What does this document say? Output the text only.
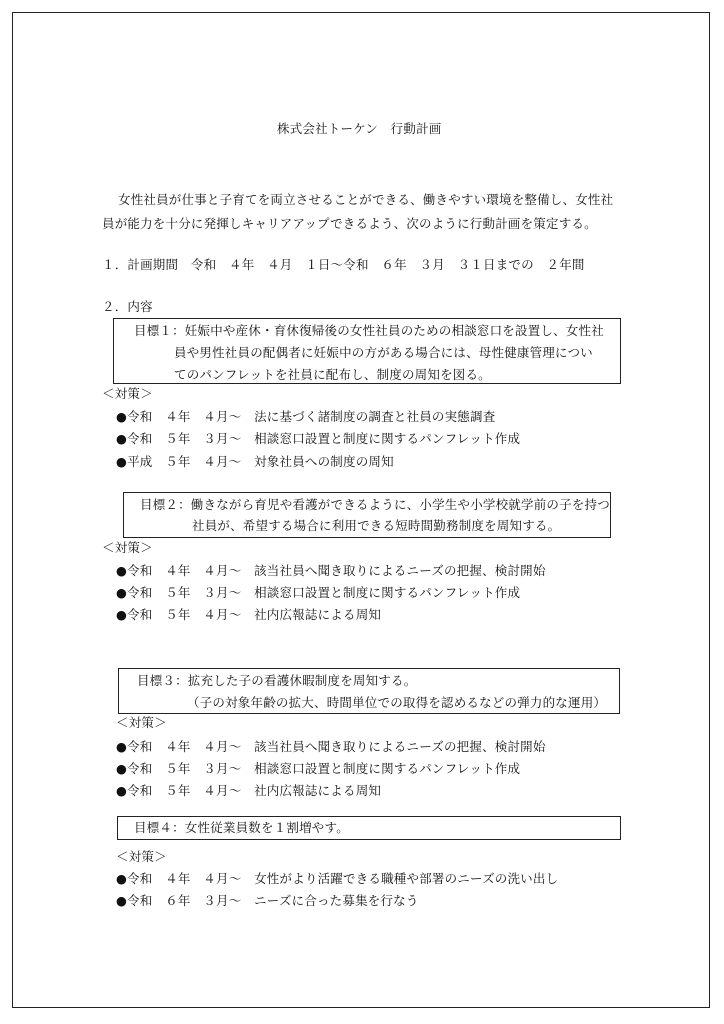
株式会社トーケン　行動計画
女性社員が仕事と子育てを両立させることができる、働きやすい環境を整備し、女性社
員が能力を十分に発揮しキャリアアップできるよう、次のように行動計画を策定する。
１．計画期間　令和　４年　４月　１日～令和　６年　３月　３１日までの　２年間
２．内容
目標１：妊娠中や産休・育休復帰後の女性社員のための相談窓口を設置し、女性社
員や男性社員の配偶者に妊娠中の方がある場合には、母性健康管理につい
てのパンフレットを社員に配布し、制度の周知を図る。
＜対策＞
●令和　４年　４月～　法に基づく諸制度の調査と社員の実態調査
●令和　５年　３月～　相談窓口設置と制度に関するパンフレット作成
●平成　５年　４月～　対象社員への制度の周知
目標２：働きながら育児や看護ができるように、小学生や小学校就学前の子を持つ
社員が、希望する場合に利用できる短時間勤務制度を周知する。
＜対策＞
●令和　４年　４月～　該当社員へ聞き取りによるニーズの把握、検討開始
●令和　５年　３月～　相談窓口設置と制度に関するパンフレット作成
●令和　５年　４月～　社内広報誌による周知
目標３：拡充した子の看護休暇制度を周知する。
（子の対象年齢の拡大、時間単位での取得を認めるなどの弾力的な運用）
＜対策＞
●令和　４年　４月～　該当社員へ聞き取りによるニーズの把握、検討開始
●令和　５年　３月～　相談窓口設置と制度に関するパンフレット作成
●令和　５年　４月～　社内広報誌による周知
目標４：女性従業員数を１割増やす。
＜対策＞
●令和　４年　４月～　女性がより活躍できる職種や部署のニーズの洗い出し
●令和　６年　３月～　ニーズに合った募集を行なう
